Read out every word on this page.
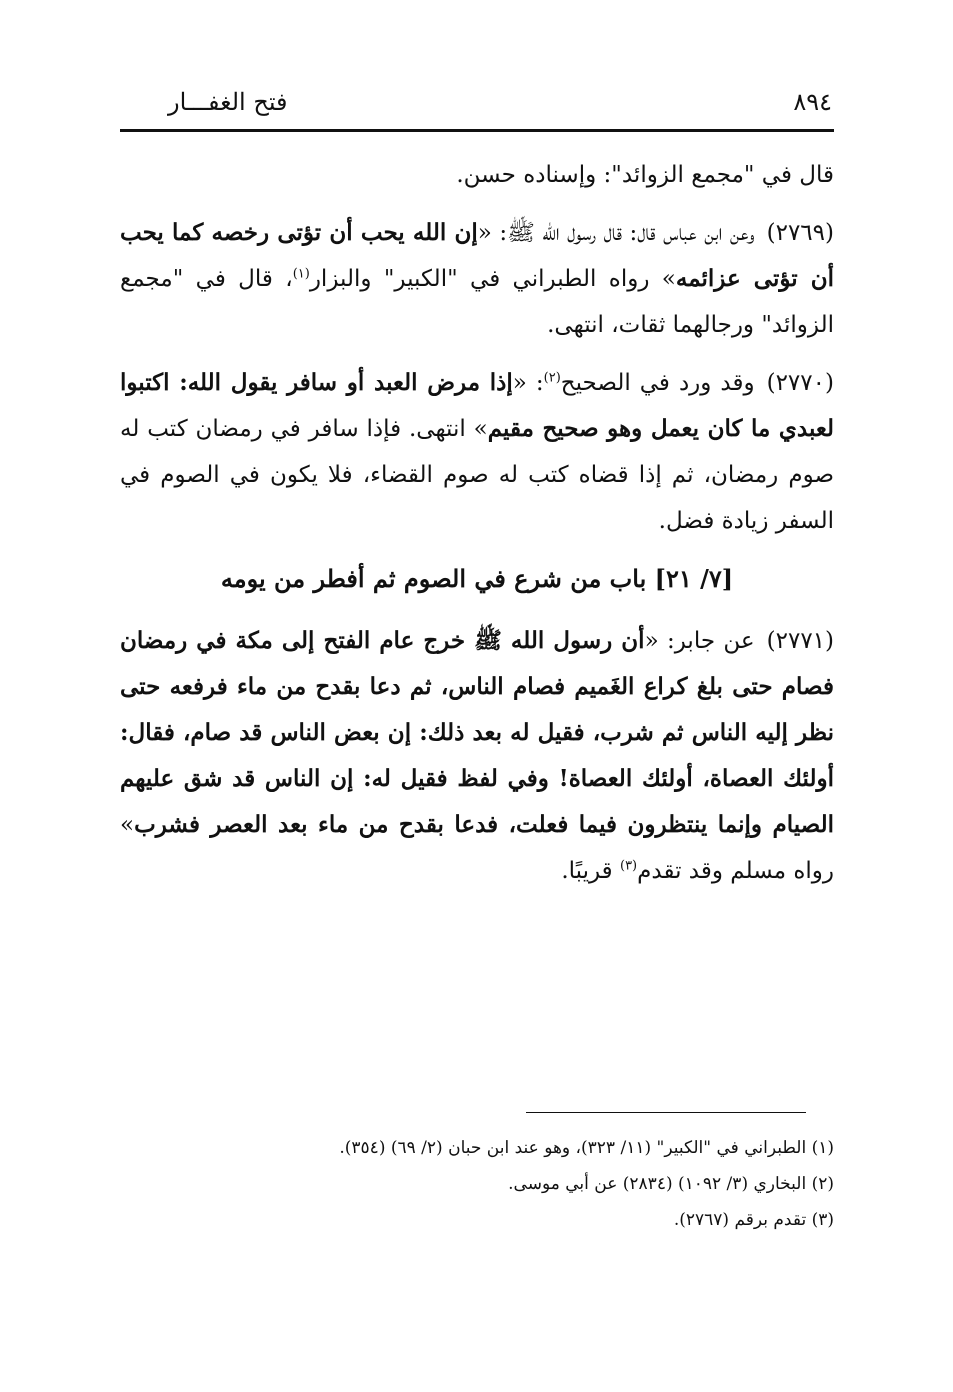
٨٩٤
فتح الغفـــار

قال في "مجمع الزوائد": وإسناده حسن.

(٢٧٦٩)وعن ابن عباس قال: قال رسول الله ﷺ: «إن الله يحب أن تؤتى رخصه كما يحب أن تؤتى عزائمه» رواه الطبراني في "الكبير" والبزار$^{(١)}$، قال في "مجمع الزوائد" ورجالهما ثقات، انتهى.

(٢٧٧٠)وقد ورد في الصحيح$^{(٢)}$: «إذا مرض العبد أو سافر يقول الله: اكتبوا لعبدي ما كان يعمل وهو صحيح مقيم» انتهى. فإذا سافر في رمضان كتب له صوم رمضان، ثم إذا قضاه كتب له صوم القضاء، فلا يكون في الصوم في السفر زيادة فضل.

[٧/ ٢١] باب من شرع في الصوم ثم أفطر من يومه

(٢٧٧١)عن جابر: «أن رسول الله ﷺ خرج عام الفتح إلى مكة في رمضان فصام حتى بلغ كراع الغَميم فصام الناس، ثم دعا بقدح من ماء فرفعه حتى نظر إليه الناس ثم شرب، فقيل له بعد ذلك: إن بعض الناس قد صام، فقال: أولئك العصاة، أولئك العصاة! وفي لفظ فقيل له: إن الناس قد شق عليهم الصيام وإنما ينتظرون فيما فعلت، فدعا بقدح من ماء بعد العصر فشرب» رواه مسلم وقد تقدم$^{(٣)}$ قريبًا.

(١) الطبراني في "الكبير" (١١/ ٣٢٣)، وهو عند ابن حبان (٢/ ٦٩) (٣٥٤).

(٢) البخاري (٣/ ١٠٩٢) (٢٨٣٤) عن أبي موسى.

(٣) تقدم برقم (٢٧٦٧).
